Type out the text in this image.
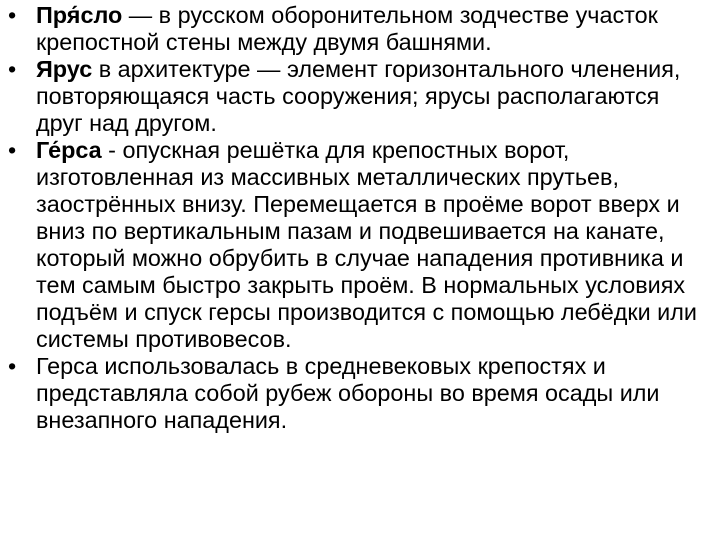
• Пря́сло — в русском оборонительном зодчестве участок крепостной стены между двумя башнями.
• Ярус в архитектуре — элемент горизонтального членения, повторяющаяся часть сооружения; ярусы располагаются друг над другом.
• Ге́рса - опускная решётка для крепостных ворот, изготовленная из массивных металлических прутьев, заострённых внизу. Перемещается в проёме ворот вверх и вниз по вертикальным пазам и подвешивается на канате, который можно обрубить в случае нападения противника и тем самым быстро закрыть проём. В нормальных условиях подъём и спуск герсы производится с помощью лебёдки или системы противовесов.
• Герса использовалась в средневековых крепостях и представляла собой рубеж обороны во время осады или внезапного нападения.
